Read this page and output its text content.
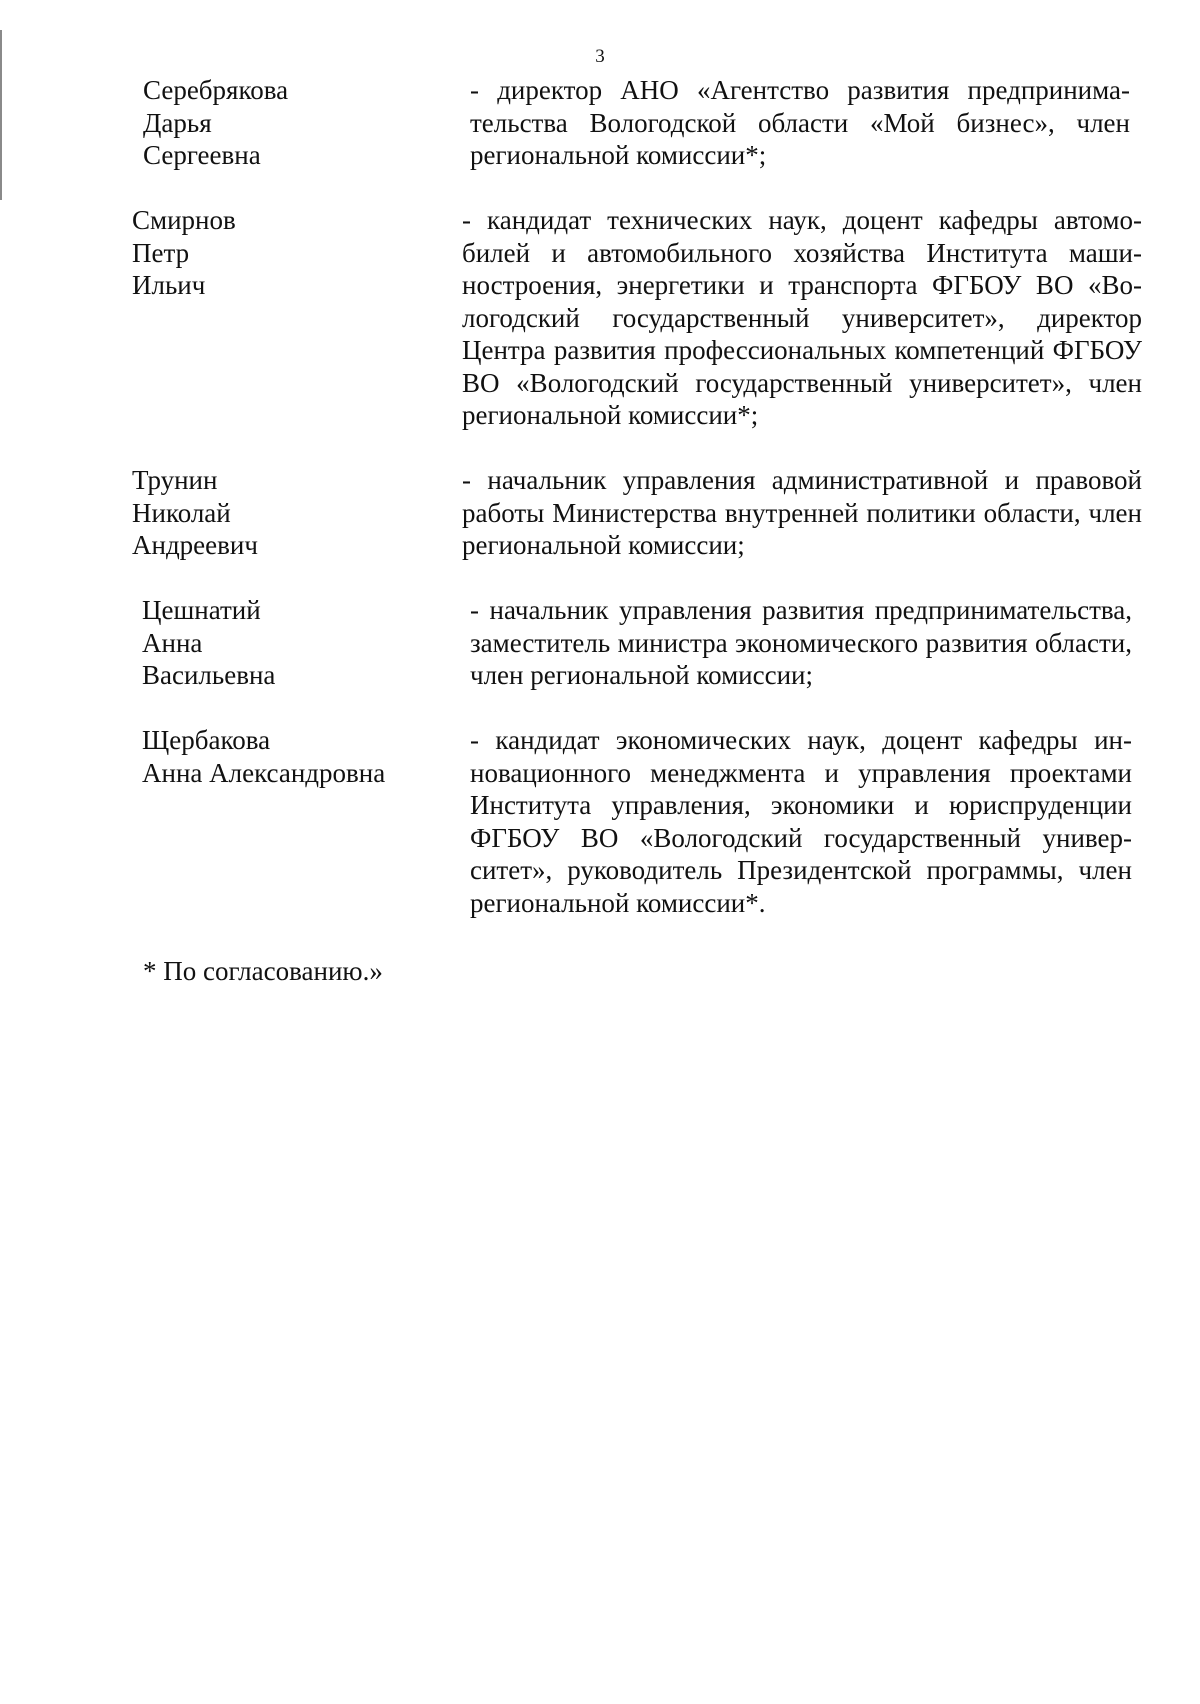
3
Серебрякова
Дарья
Сергеевна
- директор АНО «Агентство развития предпринимательства Вологодской области «Мой бизнес», член региональной комиссии*;
Смирнов
Петр
Ильич
- кандидат технических наук, доцент кафедры автомобилей и автомобильного хозяйства Института машиностроения, энергетики и транспорта ФГБОУ ВО «Вологодский государственный университет», директор Центра развития профессиональных компетенций ФГБОУ ВО «Вологодский государственный университет», член региональной комиссии*;
Трунин
Николай
Андреевич
- начальник управления административной и правовой работы Министерства внутренней политики области, член региональной комиссии;
Цешнатий
Анна
Васильевна
- начальник управления развития предпринимательства, заместитель министра экономического развития области, член региональной комиссии;
Щербакова
Анна Александровна
- кандидат экономических наук, доцент кафедры инновационного менеджмента и управления проектами Института управления, экономики и юриспруденции ФГБОУ ВО «Вологодский государственный университет», руководитель Президентской программы, член региональной комиссии*.
* По согласованию.»
